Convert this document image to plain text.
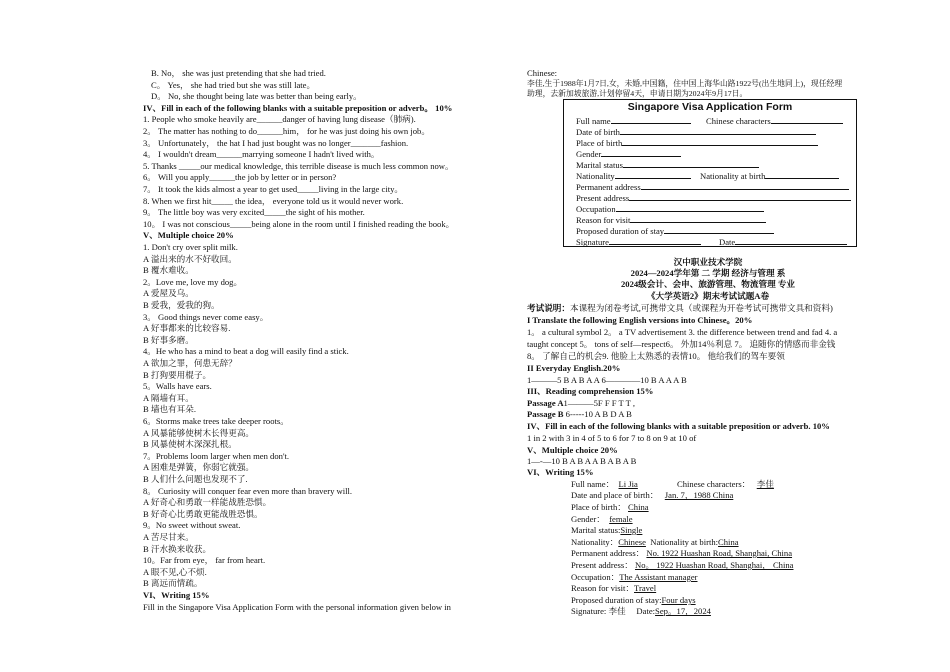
B. No， she was just pretending that she had tried.
C。 Yes， she had tried but she was still late。
D。 No, she thought being late was better than being early。
IV、Fill in each of the following blanks with a suitable preposition or adverb。 10%
1. People who smoke heavily are______danger of having lung disease（肺病).
2。 The matter has nothing to do______him， for he was just doing his own job。
3。 Unfortunately， the hat I had just bought was no longer_______fashion.
4。 I wouldn't dream______marrying someone I hadn't lived with。
5. Thanks _____our medical knowledge, this terrible disease is much less common now。
6。 Will you apply______the job by letter or in person?
7。 It took the kids almost a year to get used_____living in the large city。
8. When we first hit_____ the idea， everyone told us it would never work.
9。 The little boy was very excited_____the sight of his mother.
10。 I was not conscious_____being alone in the room until I finished reading the book。
V、Multiple choice 20%
1. Don't cry over split milk.
A 溢出来的水不好收回。
B 覆水难收。
2。Love me, love my dog。
A 爱屋及乌。
B 爱我，爱我的狗。
3。 Good things never come easy。
A 好事都来的比较容易.
B 好事多磨。
4。He who has a mind to beat a dog will easily find a stick.
A 欲加之罪，何患无辞？
B 打狗要用棍子。
5。Walls have ears.
A 隔墙有耳。
B 墙也有耳朵.
6。Storms make trees take deeper roots。
A 风暴能够使树木长得更高。
B 风暴使树木深深扎根。
7。Problems loom larger when men don't.
A 困难是弹簧，你弱它就强。
B 人们什么问题也发现不了.
8。 Curiosity will conquer fear even more than bravery will.
A 好奇心和勇敢一样能战胜恐惧。
B 好奇心比勇敢更能战胜恐惧。
9。No sweet without sweat.
A 苦尽甘来。
B 汗水换来收获。
10。Far from eye， far from heart.
A 眼不见,心不烦.
B 离远而情疏。
VI、Writing 15%
Fill in the Singapore Visa Application Form with the personal information given below in
Chinese:
李佳,生于1988年1月7日,女，未婚,中国籍，住中国上海华山路1922号(出生地同上)，现任经理
助理，去新加坡旅游,计划停留4天，申请日期为2024年9月17日。
Singapore Visa Application Form
Full name	Chinese characters
Date of birth
Place of birth
Gender
Marital status
Nationality	Nationality at birth
Permanent address
Present address
Occupation
Reason for visit
Proposed duration of stay
Signature	Date
汉中职业技术学院
2024—2024学年第 二 学期 经济与管理 系
2024级会计、会申、旅游管理、物流管理 专业
《大学英语2》期末考试试题A卷
考试说明：本课程为闭卷考试,可携带文具（或课程为开卷考试可携带文具和资料)
I Translate the following English versions into Chinese。20%
1。 a cultural symbol 2。 a TV advertisement 3. the difference between trend and fad 4. a
taught concept 5。 tons of self—respect6。 外加14％利息 7。 追随你的情感而非金钱
8。 了解自己的机会9. 他脸上太熟悉的表情10。 他给我们的驾车要领
II Everyday English.20%
1———5 B A B A A 6————10 B A A A B
III、Reading comprehension 15%
Passage A1———5F F F T T ,
Passage B 6-----10 A B D A B
IV、Fill in each of the following blanks with a suitable preposition or adverb. 10%
1 in 2 with 3 in 4 of 5 to 6 for 7 to 8 on 9 at 10 of
V、Multiple choice 20%
1—-—10 B A B A A B A B A B
VI、Writing 15%
Full name： Li Jia	Chinese characters： 李佳
Date and place of birth： Jan. 7，1988 China
Place of birth： China
Gender： female
Marital status:Single
Nationality：Chinese Nationality at birth:China
Permanent address： No. 1922 Huashan Road, Shanghai, China
Present address： No。 1922 Huashan Road, Shanghai， China
Occupation：The Assistant manager
Reason for visit：Travel
Proposed duration of stay:Four days
Signature: 李佳 Date:Sep。17，2024
